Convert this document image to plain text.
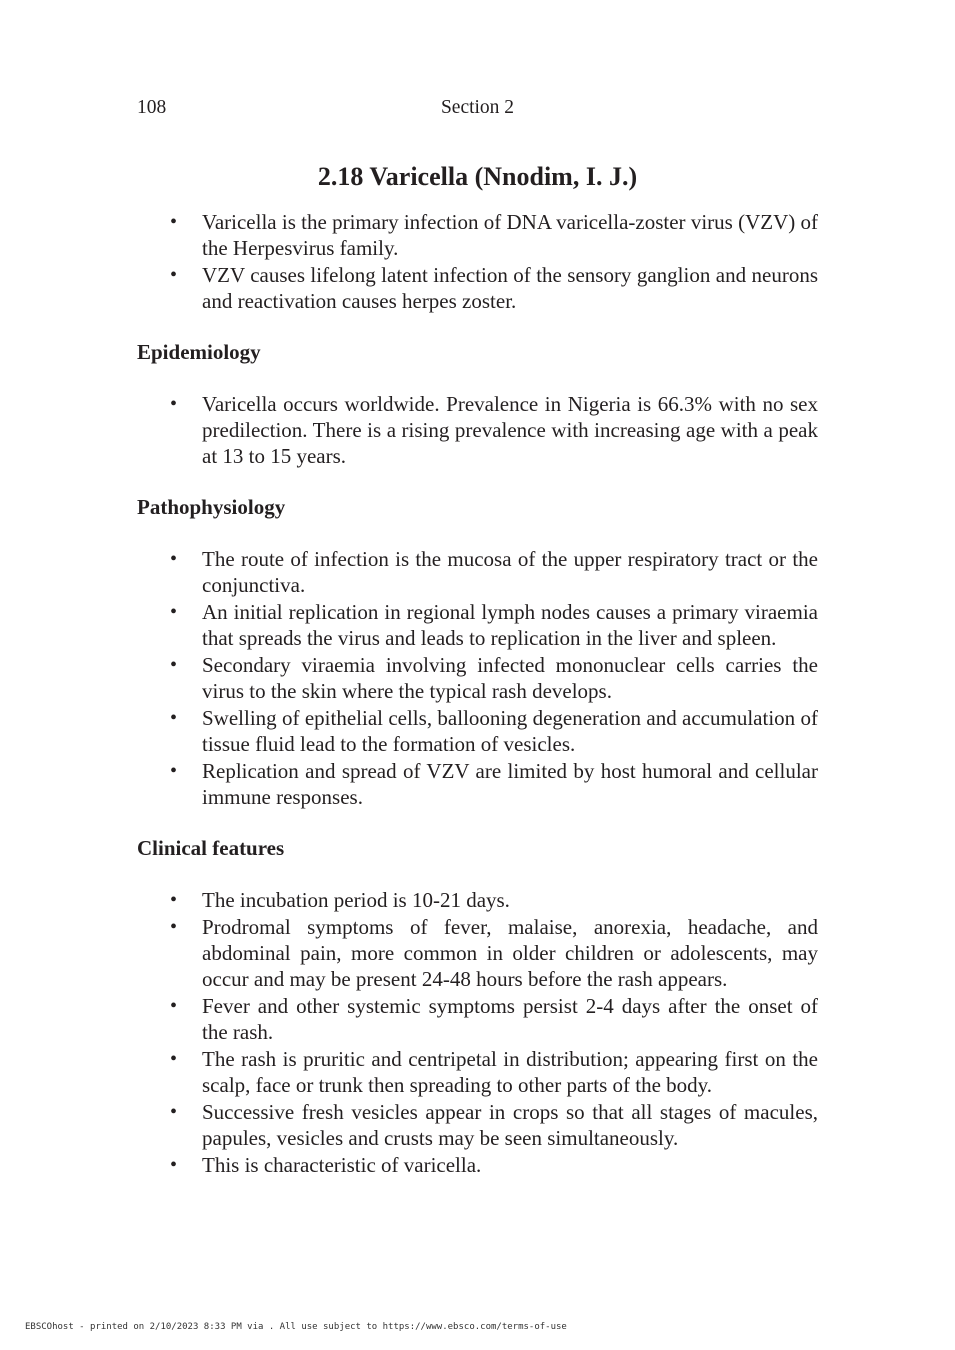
108	Section 2
2.18 Varicella (Nnodim, I. J.)
• Varicella is the primary infection of DNA varicella-zoster virus (VZV) of the Herpesvirus family.
• VZV causes lifelong latent infection of the sensory ganglion and neurons and reactivation causes herpes zoster.
Epidemiology
• Varicella occurs worldwide. Prevalence in Nigeria is 66.3% with no sex predilection. There is a rising prevalence with increasing age with a peak at 13 to 15 years.
Pathophysiology
• The route of infection is the mucosa of the upper respiratory tract or the conjunctiva.
• An initial replication in regional lymph nodes causes a primary viraemia that spreads the virus and leads to replication in the liver and spleen.
• Secondary viraemia involving infected mononuclear cells carries the virus to the skin where the typical rash develops.
• Swelling of epithelial cells, ballooning degeneration and accumulation of tissue fluid lead to the formation of vesicles.
• Replication and spread of VZV are limited by host humoral and cellular immune responses.
Clinical features
• The incubation period is 10-21 days.
• Prodromal symptoms of fever, malaise, anorexia, headache, and abdominal pain, more common in older children or adolescents, may occur and may be present 24-48 hours before the rash appears.
• Fever and other systemic symptoms persist 2-4 days after the onset of the rash.
• The rash is pruritic and centripetal in distribution; appearing first on the scalp, face or trunk then spreading to other parts of the body.
• Successive fresh vesicles appear in crops so that all stages of macules, papules, vesicles and crusts may be seen simultaneously.
• This is characteristic of varicella.
EBSCOhost - printed on 2/10/2023 8:33 PM via . All use subject to https://www.ebsco.com/terms-of-use
